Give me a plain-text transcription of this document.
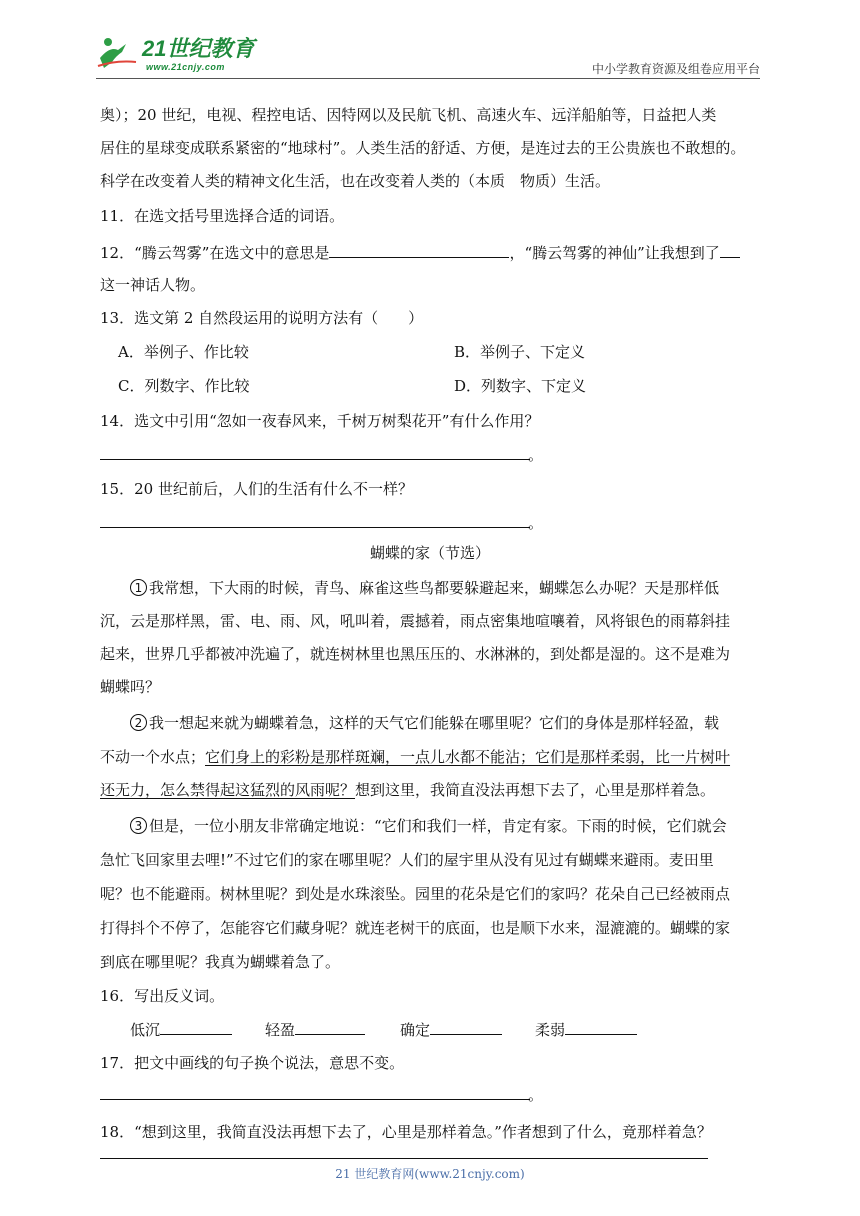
21世纪教育
www.21cnjy.com	中小学教育资源及组卷应用平台
奥）；20 世纪，电视、程控电话、因特网以及民航飞机、高速火车、远洋船舶等，日益把人类
居住的星球变成联系紧密的“地球村”。人类生活的舒适、方便，是连过去的王公贵族也不敢想的。
科学在改变着人类的精神文化生活，也在改变着人类的（本质　物质）生活。
11．在选文括号里选择合适的词语。
12．“腾云驾雾”在选文中的意思是	，“腾云驾雾的神仙”让我想到了
这一神话人物。
13．选文第 2 自然段运用的说明方法有（　　）
A．举例子、作比较	B．举例子、下定义
C．列数字、作比较	D．列数字、下定义
14．选文中引用“忽如一夜春风来，千树万树梨花开”有什么作用？
。
15．20 世纪前后，人们的生活有什么不一样？
。
蝴蝶的家（节选）
1 我常想，下大雨的时候，青鸟、麻雀这些鸟都要躲避起来，蝴蝶怎么办呢？天是那样低
沉，云是那样黑，雷、电、雨、风，吼叫着，震撼着，雨点密集地喧嚷着，风将银色的雨幕斜挂
起来，世界几乎都被冲洗遍了，就连树林里也黑压压的、水淋淋的，到处都是湿的。这不是难为
蝴蝶吗？
2 我一想起来就为蝴蝶着急，这样的天气它们能躲在哪里呢？它们的身体是那样轻盈，载
不动一个水点；它们身上的彩粉是那样斑斓，一点儿水都不能沾；它们是那样柔弱，比一片树叶
还无力，怎么禁得起这猛烈的风雨呢？想到这里，我简直没法再想下去了，心里是那样着急。
3 但是，一位小朋友非常确定地说：“它们和我们一样，肯定有家。下雨的时候，它们就会
急忙飞回家里去哩!”不过它们的家在哪里呢？人们的屋宇里从没有见过有蝴蝶来避雨。麦田里
呢？也不能避雨。树林里呢？到处是水珠滚坠。园里的花朵是它们的家吗？花朵自己已经被雨点
打得抖个不停了，怎能容它们藏身呢？就连老树干的底面，也是顺下水来，湿漉漉的。蝴蝶的家
到底在哪里呢？我真为蝴蝶着急了。
16．写出反义词。
低沉	轻盈	确定	柔弱
17．把文中画线的句子换个说法，意思不变。
。
18．“想到这里，我简直没法再想下去了，心里是那样着急。”作者想到了什么，竟那样着急？
21 世纪教育网(www.21cnjy.com)
